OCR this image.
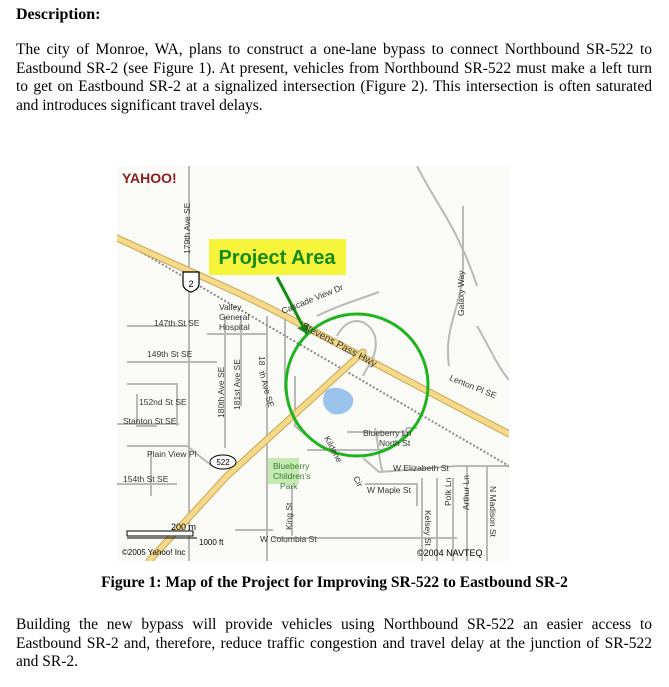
Description:

The city of Monroe, WA, plans to construct a one-lane bypass to connect Northbound SR-522 to Eastbound SR-2 (see Figure 1). At present, vehicles from Northbound SR-522 must make a left turn to get on Eastbound SR-2 at a signalized intersection (Figure 2). This intersection is often saturated and introduces significant travel delays.

Project Area
2
522
YAHOO!
179th Ave SE
147th St SE
Valley
General
Hospital
Cascade View Dr
Stevens Pass Hwy
Galaxy Way
Lenton Pl SE
149th St SE
180th Ave SE 181st Ave SE 18
th Ave SE
152nd St SE
Stanton St SE
Plain View Pl
154th St SE
Blueberry Ln
North St
Kildene
Cir
W Elizabeth St
W Maple St
Blueberry
Children's
Park
King St
W Columbia St	Kelsey St
Polk Ln Arthur Ln N Madison St
200 m
1000 ft
©2005 Yahoo! Inc	©2004 NAVTEQ
Figure 1: Map of the Project for Improving SR-522 to Eastbound SR-2

Building the new bypass will provide vehicles using Northbound SR-522 an easier access to Eastbound SR-2 and, therefore, reduce traffic congestion and travel delay at the junction of SR-522 and SR-2.
